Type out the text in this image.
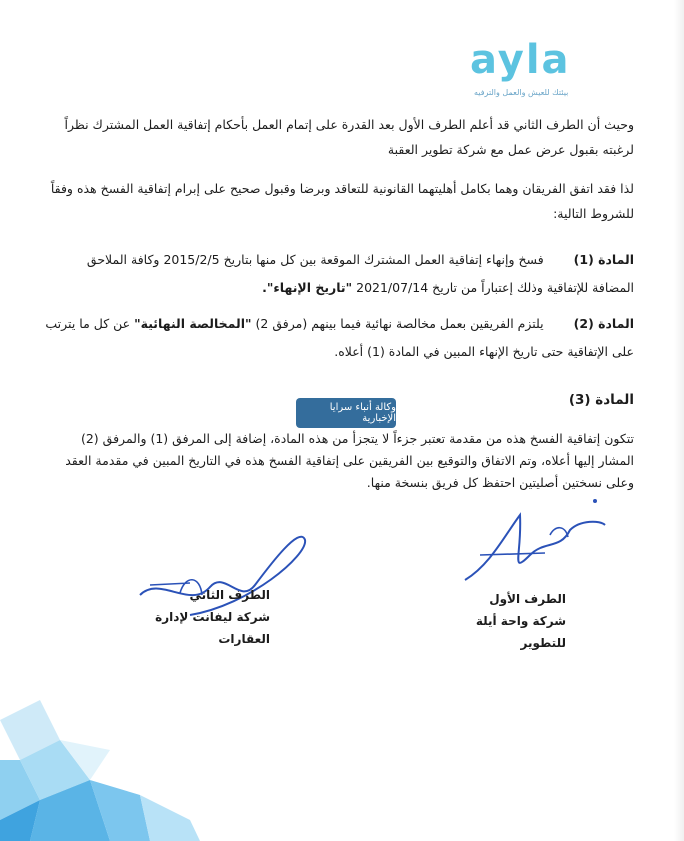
ayla
بيئتك للعيش والعمل والترفيه
وحيث أن الطرف الثاني قد أعلم الطرف الأول بعد القدرة على إتمام العمل بأحكام إتفاقية العمل المشترك نظراً لرغبته بقبول عرض عمل مع شركة تطوير العقبة
لذا فقد اتفق الفريقان وهما بكامل أهليتهما القانونية للتعاقد وبرضا وقبول صحيح على إبرام إتفاقية الفسخ هذه وفقاً للشروط التالية:
المادة (1) فسخ وإنهاء إتفاقية العمل المشترك الموقعة بين كل منها بتاريخ 2015/2/5 وكافة الملاحق المضافة للإتفاقية وذلك إعتباراً من تاريخ 2021/07/14 "تاريخ الإنهاء".
المادة (2) يلتزم الفريقين بعمل مخالصة نهائية فيما بينهم (مرفق 2) "المخالصة النهائية" عن كل ما يترتب على الإتفاقية حتى تاريخ الإنهاء المبين في المادة (1) أعلاه.
المادة (3)
تتكون إتفاقية الفسخ هذه من مقدمة تعتبر جزءاً لا يتجزأ من هذه المادة، إضافة إلى المرفق (1) والمرفق (2) المشار إليها أعلاه، وتم الاتفاق والتوقيع بين الفريقين على إتفاقية الفسخ هذه في التاريخ المبين في مقدمة العقد وعلى نسختين أصليتين احتفظ كل فريق بنسخة منها.
وكالة أنباء سرايا الإخبارية
الطرف الثاني
شركة ليفانت لإدارة العقارات
الطرف الأول
شركة واحة أيلة للتطوير
